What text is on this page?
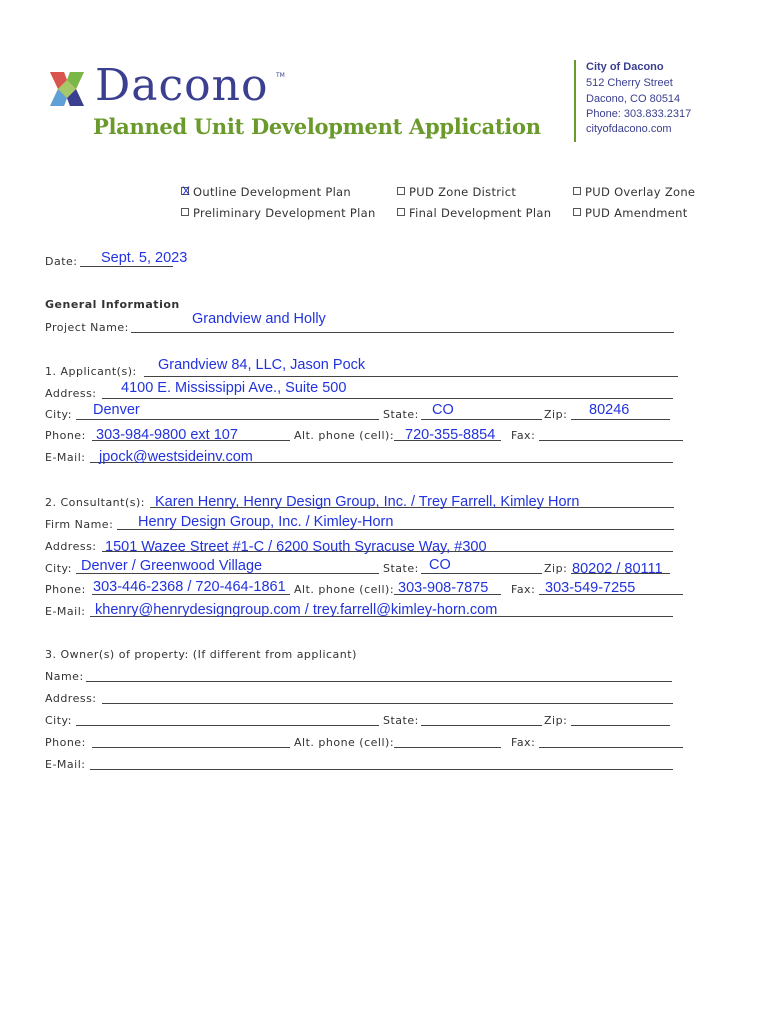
Dacono TM
Planned Unit Development Application
City of Dacono
512 Cherry Street
Dacono, CO 80514
Phone: 303.833.2317
cityofdacono.com
Outline Development Plan
X	PUD Zone District	PUD Overlay Zone
Preliminary Development Plan	Final Development Plan	PUD Amendment
Date: Sept. 5, 2023
General Information
Project Name:
Grandview and Holly
1. Applicant(s): Grandview 84, LLC, Jason Pock
Address: 4100 E. Mississippi Ave., Suite 500
City: Denver	State: CO	Zip: 80246
Phone: 303-984-9800 ext 107	Alt. phone (cell): 720-355-8854 Fax:
E-Mail: jpock@westsideinv.com
2. Consultant(s): Karen Henry, Henry Design Group, Inc. / Trey Farrell, Kimley Horn
Firm Name: Henry Design Group, Inc. / Kimley-Horn
Address: 1501 Wazee Street #1-C / 6200 South Syracuse Way, #300
City: Denver / Greenwood Village	State: CO	Zip: 80202 / 80111
Phone: 303-446-2368 / 720-464-1861 Alt. phone (cell): 303-908-7875 Fax: 303-549-7255
E-Mail: khenry@henrydesigngroup.com / trey.farrell@kimley-horn.com
3. Owner(s) of property: (If different from applicant)
Name:
Address:
City:	State:	Zip:
Phone:	Alt. phone (cell):	Fax:
E-Mail:
